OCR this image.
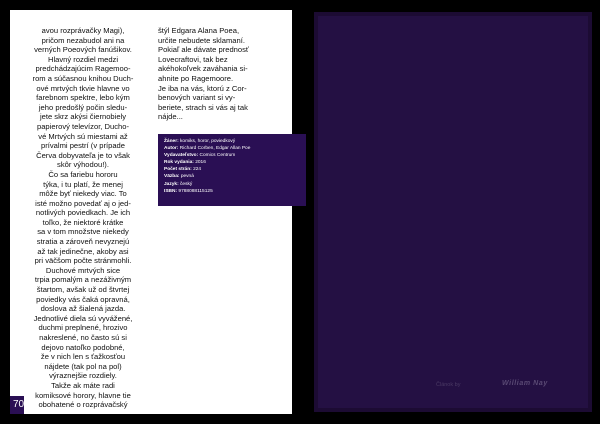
avou rozprávačky Magi),

pričom nezabudol ani na

verných Poeových fanúšikov.

Hlavný rozdiel medzi

predchádzajúcim Ragemoo-

rom a súčasnou knihou Duch-

ové mrtvých tkvie hlavne vo

farebnom spektre, lebo kým

jeho predošlý počin sledu-

jete skrz akýsi čiernobiely

papierový televízor, Ducho-

vé Mrtvých sú miestami až

prívalmi pestrí (v prípade

Červa dobyvateľa je to však

skôr výhodou!).

Čo sa fariebu hororu

týka, i tu platí, že menej

môže byť niekedy viac. To

isté možno povedať aj o jed-

notlivých poviedkach. Je ich

toľko, že niektoré krátke

sa v tom množstve niekedy

stratia a zároveň nevyznejú

až tak jedinečne, akoby asi

pri väčšom počte stránmohli.

Duchové mrtvých sice

trpia pomalým a nezáživným

štartom, avšak už od štvrtej

poviedky vás čaká opravná,

doslova až šialená jazda.

Jednotlivé diela sú vyvážené,

duchmi preplnené, hrozivo

nakreslené, no často sú si

dejovo natoľko podobné,

že v nich len s ťažkosťou

nájdete (tak pol na pol)

výraznejšie rozdiely.

Takže ak máte radi

komiksové horory, hlavne tie

obohatené o rozprávačský

štýl Edgara Alana Poea,

určite nebudete sklamaní.

Pokiaľ ale dávate prednosť

Lovecraftovi, tak bez

akéhokoľvek zaváhania si-

ahnite po Ragemoore.

Je iba na vás, ktorú z Cor-

benových variant si vy-

beriete, strach si vás aj tak

nájde...

Žáner: komiks, horor, poviedkový
Autor: Richard Corben, Edgar Allan Poe
Vydavateľstvo: Comics Centrum
Rok vydania: 2016
Počet strán: 224
Väzba: pevná
Jazyk: český
ISBN: 9788088115125
70
Článok by	William Nay
